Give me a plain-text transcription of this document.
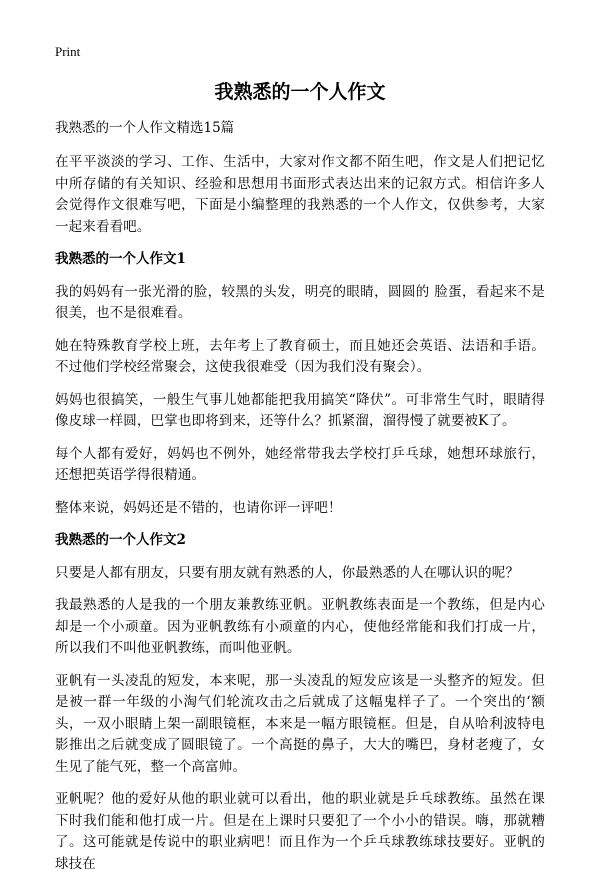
Print
我熟悉的一个人作文

我熟悉的一个人作文精选15篇

在平平淡淡的学习、工作、生活中，大家对作文都不陌生吧，作文是人们把记忆中所存储的有关知识、经验和思想用书面形式表达出来的记叙方式。相信许多人会觉得作文很难写吧，下面是小编整理的我熟悉的一个人作文，仅供参考，大家一起来看看吧。

我熟悉的一个人作文1

我的妈妈有一张光滑的脸，较黑的头发，明亮的眼睛，圆圆的 脸蛋，看起来不是很美，也不是很难看。

她在特殊教育学校上班，去年考上了教育硕士，而且她还会英语、法语和手语。不过他们学校经常聚会，这使我很难受（因为我们没有聚会）。

妈妈也很搞笑，一般生气事儿她都能把我用搞笑“降伏”。可非常生气时，眼睛得像皮球一样圆，巴掌也即将到来，还等什么？抓紧溜，溜得慢了就要被K了。

每个人都有爱好，妈妈也不例外，她经常带我去学校打乒乓球，她想环球旅行，还想把英语学得很精通。

整体来说，妈妈还是不错的，也请你评一评吧！

我熟悉的一个人作文2

只要是人都有朋友，只要有朋友就有熟悉的人，你最熟悉的人在哪认识的呢？

我最熟悉的人是我的一个朋友兼教练亚帆。亚帆教练表面是一个教练，但是内心却是一个小顽童。因为亚帆教练有小顽童的内心，使他经常能和我们打成一片，所以我们不叫他亚帆教练，而叫他亚帆。

亚帆有一头凌乱的短发，本来呢，那一头凌乱的短发应该是一头整齐的短发。但是被一群一年级的小淘气们轮流攻击之后就成了这幅鬼样子了。一个突出的‘额头，一双小眼睛上架一副眼镜框，本来是一幅方眼镜框。但是，自从哈利波特电影推出之后就变成了圆眼镜了。一个高挺的鼻子，大大的嘴巴，身材老瘦了，女生见了能气死，整一个高富帅。

亚帆呢？他的爱好从他的职业就可以看出，他的职业就是乒乓球教练。虽然在课下时我们能和他打成一片。但是在上课时只要犯了一个小小的错误。嗨，那就糟了。这可能就是传说中的职业病吧！而且作为一个乒乓球教练球技要好。亚帆的球技在
